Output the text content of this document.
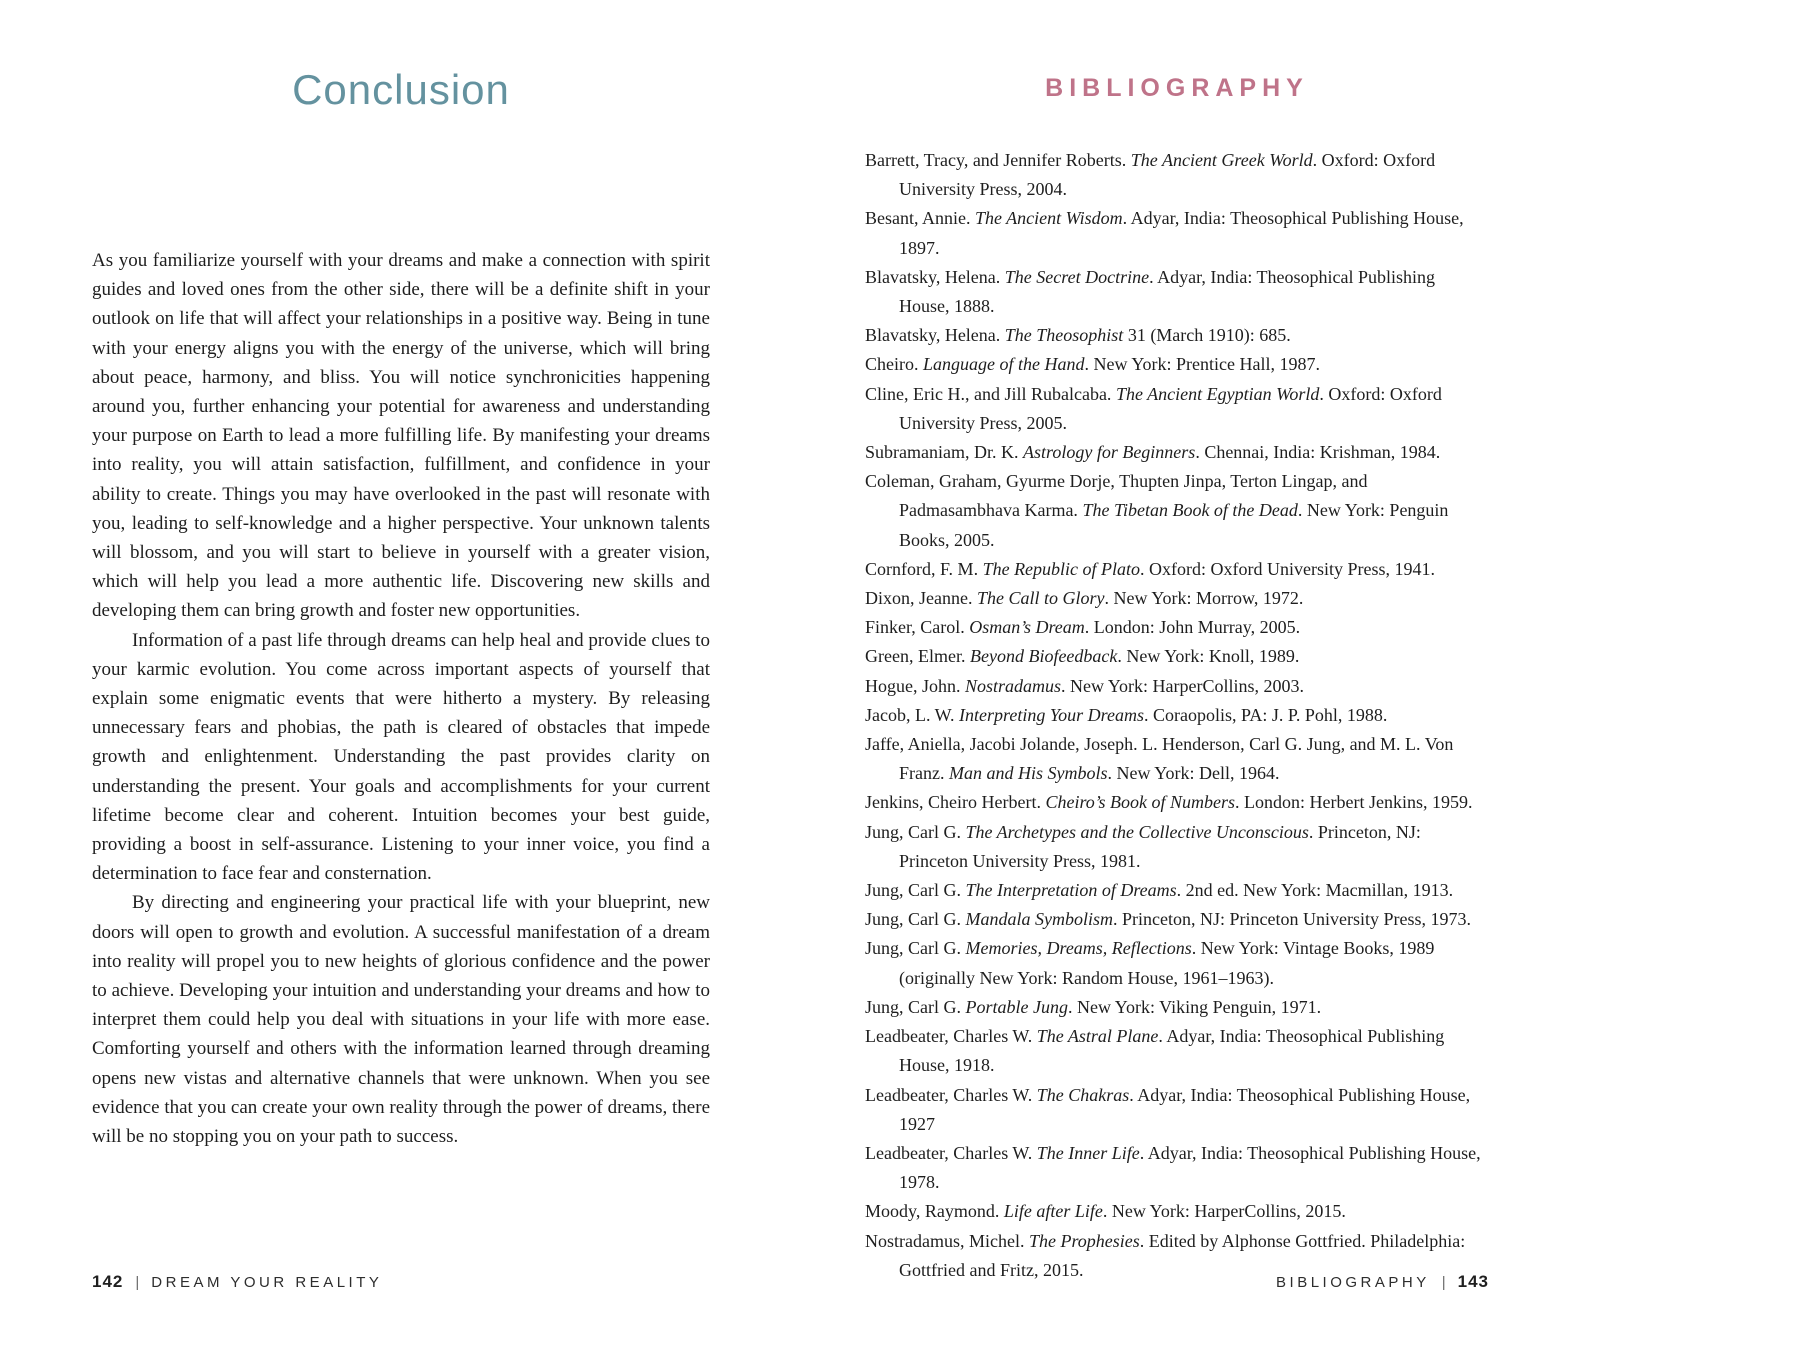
Conclusion

As you familiarize yourself with your dreams and make a connection with spirit guides and loved ones from the other side, there will be a definite shift in your outlook on life that will affect your relationships in a positive way. Being in tune with your energy aligns you with the energy of the universe, which will bring about peace, harmony, and bliss. You will notice synchronicities happening around you, further enhancing your potential for awareness and understanding your purpose on Earth to lead a more fulfilling life. By manifesting your dreams into reality, you will attain satisfaction, fulfillment, and confidence in your ability to create. Things you may have overlooked in the past will resonate with you, leading to self-knowledge and a higher perspective. Your unknown talents will blossom, and you will start to believe in yourself with a greater vision, which will help you lead a more authentic life. Discovering new skills and developing them can bring growth and foster new opportunities.

Information of a past life through dreams can help heal and provide clues to your karmic evolution. You come across important aspects of yourself that explain some enigmatic events that were hitherto a mystery. By releasing unnecessary fears and phobias, the path is cleared of obstacles that impede growth and enlightenment. Understanding the past provides clarity on understanding the present. Your goals and accomplishments for your current lifetime become clear and coherent. Intuition becomes your best guide, providing a boost in self-assurance. Listening to your inner voice, you find a determination to face fear and consternation.

By directing and engineering your practical life with your blueprint, new doors will open to growth and evolution. A successful manifestation of a dream into reality will propel you to new heights of glorious confidence and the power to achieve. Developing your intuition and understanding your dreams and how to interpret them could help you deal with situations in your life with more ease. Comforting yourself and others with the information learned through dreaming opens new vistas and alternative channels that were unknown. When you see evidence that you can create your own reality through the power of dreams, there will be no stopping you on your path to success.

142 | DREAM YOUR REALITY
BIBLIOGRAPHY

Barrett, Tracy, and Jennifer Roberts. The Ancient Greek World. Oxford: Oxford University Press, 2004.

Besant, Annie. The Ancient Wisdom. Adyar, India: Theosophical Publishing House, 1897.

Blavatsky, Helena. The Secret Doctrine. Adyar, India: Theosophical Publishing House, 1888.

Blavatsky, Helena. The Theosophist 31 (March 1910): 685.

Cheiro. Language of the Hand. New York: Prentice Hall, 1987.

Cline, Eric H., and Jill Rubalcaba. The Ancient Egyptian World. Oxford: Oxford University Press, 2005.

Subramaniam, Dr. K. Astrology for Beginners. Chennai, India: Krishman, 1984.

Coleman, Graham, Gyurme Dorje, Thupten Jinpa, Terton Lingap, and Padmasambhava Karma. The Tibetan Book of the Dead. New York: Penguin Books, 2005.

Cornford, F. M. The Republic of Plato. Oxford: Oxford University Press, 1941.

Dixon, Jeanne. The Call to Glory. New York: Morrow, 1972.

Finker, Carol. Osman’s Dream. London: John Murray, 2005.

Green, Elmer. Beyond Biofeedback. New York: Knoll, 1989.

Hogue, John. Nostradamus. New York: HarperCollins, 2003.

Jacob, L. W. Interpreting Your Dreams. Coraopolis, PA: J. P. Pohl, 1988.

Jaffe, Aniella, Jacobi Jolande, Joseph. L. Henderson, Carl G. Jung, and M. L. Von Franz. Man and His Symbols. New York: Dell, 1964.

Jenkins, Cheiro Herbert. Cheiro’s Book of Numbers. London: Herbert Jenkins, 1959.

Jung, Carl G. The Archetypes and the Collective Unconscious. Princeton, NJ: Princeton University Press, 1981.

Jung, Carl G. The Interpretation of Dreams. 2nd ed. New York: Macmillan, 1913.

Jung, Carl G. Mandala Symbolism. Princeton, NJ: Princeton University Press, 1973.

Jung, Carl G. Memories, Dreams, Reflections. New York: Vintage Books, 1989 (originally New York: Random House, 1961–1963).

Jung, Carl G. Portable Jung. New York: Viking Penguin, 1971.

Leadbeater, Charles W. The Astral Plane. Adyar, India: Theosophical Publishing House, 1918.

Leadbeater, Charles W. The Chakras. Adyar, India: Theosophical Publishing House, 1927

Leadbeater, Charles W. The Inner Life. Adyar, India: Theosophical Publishing House, 1978.

Moody, Raymond. Life after Life. New York: HarperCollins, 2015.

Nostradamus, Michel. The Prophesies. Edited by Alphonse Gottfried. Philadelphia: Gottfried and Fritz, 2015.

BIBLIOGRAPHY | 143
